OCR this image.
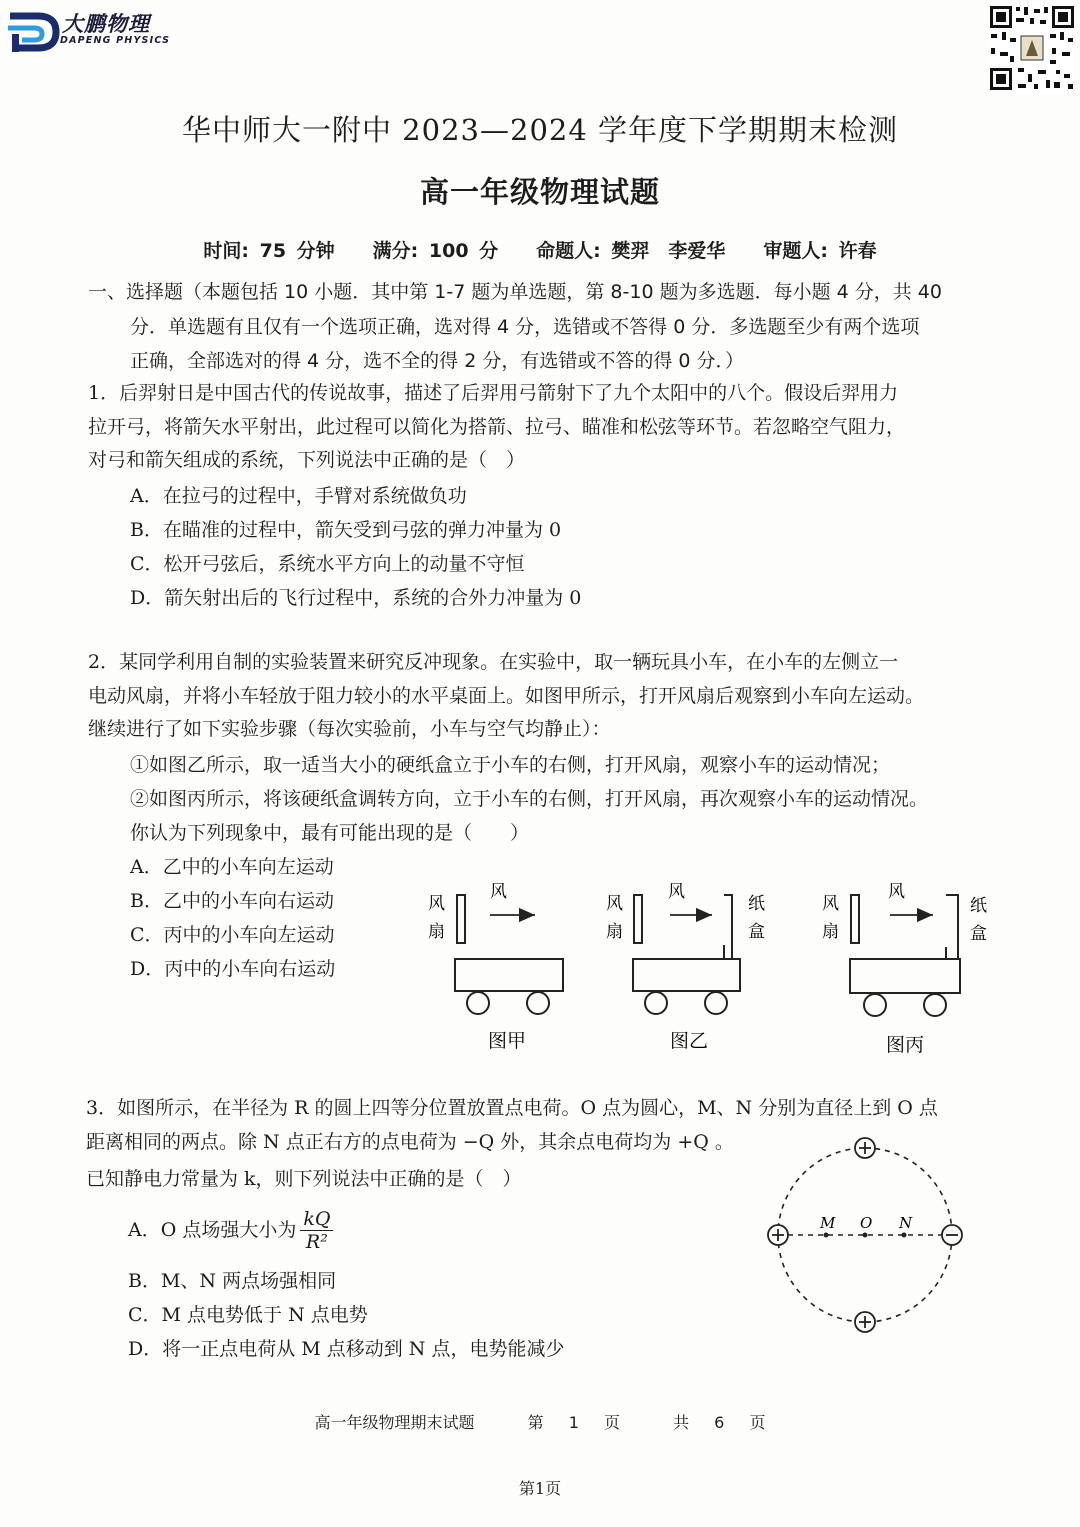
大鹏物理
DAPENG PHYSICS
华中师大一附中 2023—2024 学年度下学期期末检测
高一年级物理试题
时间: 75 分钟　　满分: 100 分　　命题人: 樊羿　李爱华　　审题人: 许春
一、选择题（本题包括 10 小题．其中第 1-7 题为单选题，第 8-10 题为多选题．每小题 4 分，共 40
分．单选题有且仅有一个选项正确，选对得 4 分，选错或不答得 0 分．多选题至少有两个选项
正确，全部选对的得 4 分，选不全的得 2 分，有选错或不答的得 0 分．）
1．后羿射日是中国古代的传说故事，描述了后羿用弓箭射下了九个太阳中的八个。假设后羿用力
拉开弓，将箭矢水平射出，此过程可以简化为搭箭、拉弓、瞄准和松弦等环节。若忽略空气阻力，
对弓和箭矢组成的系统，下列说法中正确的是（　）
A．在拉弓的过程中，手臂对系统做负功
B．在瞄准的过程中，箭矢受到弓弦的弹力冲量为 0
C．松开弓弦后，系统水平方向上的动量不守恒
D．箭矢射出后的飞行过程中，系统的合外力冲量为 0
2．某同学利用自制的实验装置来研究反冲现象。在实验中，取一辆玩具小车，在小车的左侧立一
电动风扇，并将小车轻放于阻力较小的水平桌面上。如图甲所示，打开风扇后观察到小车向左运动。
继续进行了如下实验步骤（每次实验前，小车与空气均静止）：
①如图乙所示，取一适当大小的硬纸盒立于小车的右侧，打开风扇，观察小车的运动情况；
②如图丙所示，将该硬纸盒调转方向，立于小车的右侧，打开风扇，再次观察小车的运动情况。
你认为下列现象中，最有可能出现的是（　　）
A．乙中的小车向左运动
B．乙中的小车向右运动
C．丙中的小车向左运动
D．丙中的小车向右运动
风
扇
风
图甲
风
扇
风
纸
盒
图乙
风
扇
风
纸
盒
图丙
3．如图所示，在半径为 R 的圆上四等分位置放置点电荷。O 点为圆心，M、N 分别为直径上到 O 点
距离相同的两点。除 N 点正右方的点电荷为 −Q 外，其余点电荷均为 +Q 。
已知静电力常量为 k，则下列说法中正确的是（　）
A．O 点场强大小为 $\frac{kQ}{\text{R²}}$
B．M、N 两点场强相同
C．M 点电势低于 N 点电势
D．将一正点电荷从 M 点移动到 N 点，电势能减少
M O N
高一年级物理期末试题	第 1 页	共 6 页
第1页
